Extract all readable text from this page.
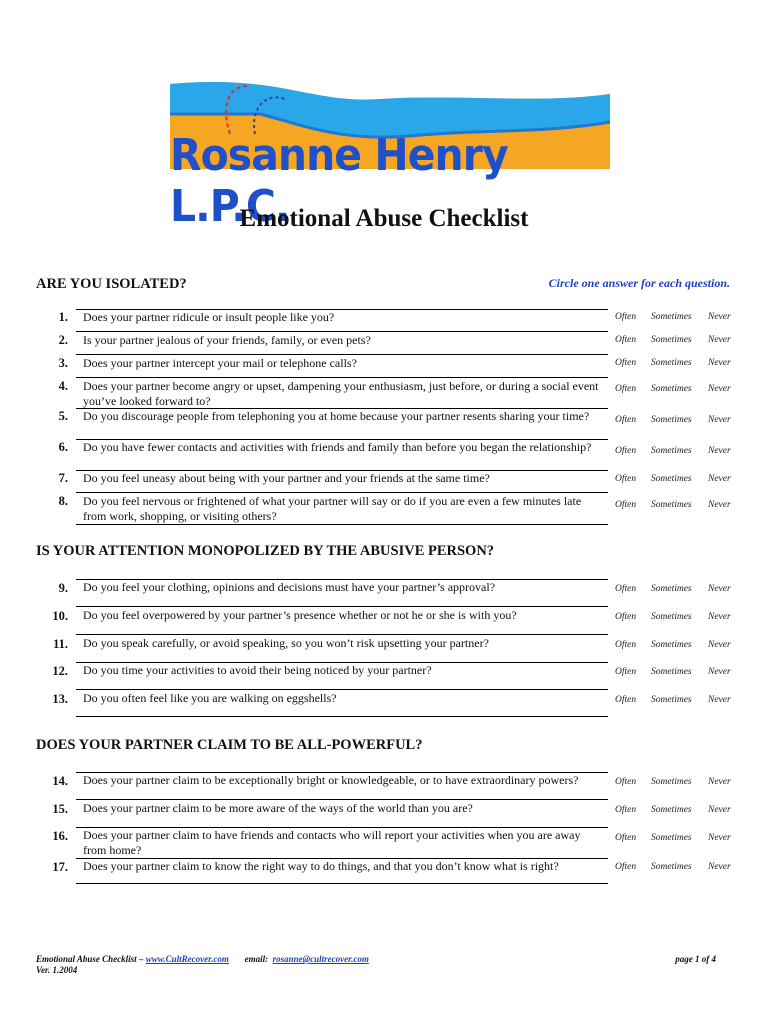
Rosanne Henry L.P.C.
Emotional Abuse Checklist
ARE YOU ISOLATED?	Circle one answer for each question.
1. Does your partner ridicule or insult people like you?	Often Sometimes Never
2. Is your partner jealous of your friends, family, or even pets?	Often Sometimes Never
3. Does your partner intercept your mail or telephone calls?	Often Sometimes Never
4. Does your partner become angry or upset, dampening your enthusiasm, just before, or during a social event you’ve looked forward to?
Often Sometimes Never
5. Do you discourage people from telephoning you at home because your partner resents sharing your time?	Often Sometimes Never
6. Do you have fewer contacts and activities with friends and family than before you began the relationship?	Often Sometimes Never
7. Do you feel uneasy about being with your partner and your friends at the same time?	Often Sometimes Never
8. Do you feel nervous or frightened of what your partner will say or do if you are even a few minutes late from work, shopping, or visiting others?
Often Sometimes Never
IS YOUR ATTENTION MONOPOLIZED BY THE ABUSIVE PERSON?
9. Do you feel your clothing, opinions and decisions must have your partner’s approval?	Often Sometimes Never
10. Do you feel overpowered by your partner’s presence whether or not he or she is with you?	Often Sometimes Never
11. Do you speak carefully, or avoid speaking, so you won’t risk upsetting your partner?	Often Sometimes Never
12. Do you time your activities to avoid their being noticed by your partner?	Often Sometimes Never
13. Do you often feel like you are walking on eggshells?	Often Sometimes Never
DOES YOUR PARTNER CLAIM TO BE ALL-POWERFUL?
14. Does your partner claim to be exceptionally bright or knowledgeable, or to have extraordinary powers?	Often Sometimes Never
15. Does your partner claim to be more aware of the ways of the world than you are?	Often Sometimes Never
16. Does your partner claim to have friends and contacts who will report your activities when you are away from home?
Often Sometimes Never
17. Does your partner claim to know the right way to do things, and that you don’t know what is right?	Often Sometimes Never
Emotional Abuse Checklist – www.CultRecover.com email: rosanne@cultrecover.com
Ver. 1.2004
page 1 of 4
